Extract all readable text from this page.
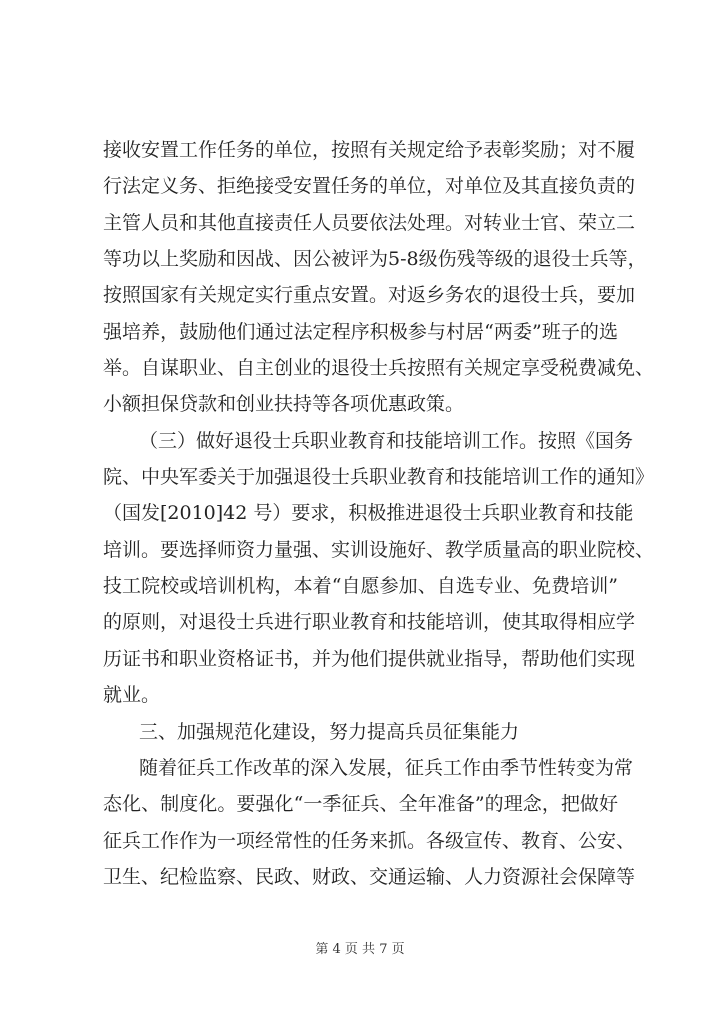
接收安置工作任务的单位，按照有关规定给予表彰奖励；对不履
行法定义务、拒绝接受安置任务的单位，对单位及其直接负责的
主管人员和其他直接责任人员要依法处理。对转业士官、荣立二
等功以上奖励和因战、因公被评为5-8级伤残等级的退役士兵等，
按照国家有关规定实行重点安置。对返乡务农的退役士兵，要加
强培养，鼓励他们通过法定程序积极参与村居“两委”班子的选
举。自谋职业、自主创业的退役士兵按照有关规定享受税费减免、
小额担保贷款和创业扶持等各项优惠政策。
（三）做好退役士兵职业教育和技能培训工作。按照《国务
院、中央军委关于加强退役士兵职业教育和技能培训工作的通知》
（国发[2010]42 号）要求，积极推进退役士兵职业教育和技能
培训。要选择师资力量强、实训设施好、教学质量高的职业院校、
技工院校或培训机构，本着“自愿参加、自选专业、免费培训”
的原则，对退役士兵进行职业教育和技能培训，使其取得相应学
历证书和职业资格证书，并为他们提供就业指导，帮助他们实现
就业。
三、加强规范化建设，努力提高兵员征集能力
随着征兵工作改革的深入发展，征兵工作由季节性转变为常
态化、制度化。要强化“一季征兵、全年准备”的理念，把做好
征兵工作作为一项经常性的任务来抓。各级宣传、教育、公安、
卫生、纪检监察、民政、财政、交通运输、人力资源社会保障等
第 4 页 共 7 页
